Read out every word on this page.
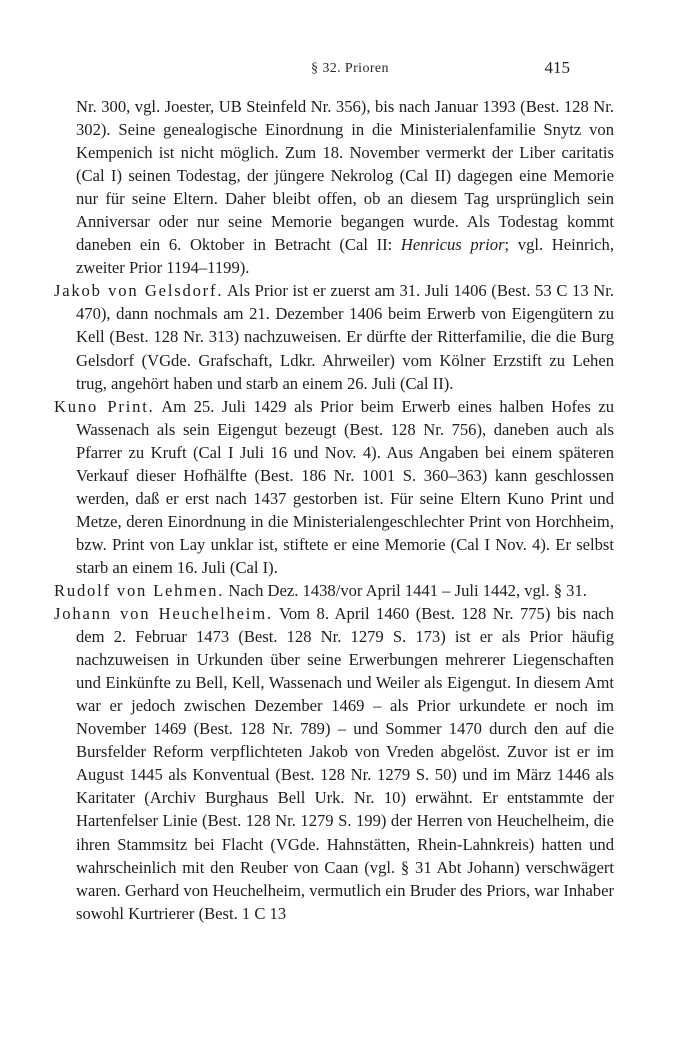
§ 32. Prioren	415

Nr. 300, vgl. Joester, UB Steinfeld Nr. 356), bis nach Januar 1393 (Best. 128 Nr. 302). Seine genealogische Einordnung in die Ministerialenfamilie Snytz von Kempenich ist nicht möglich. Zum 18. November vermerkt der Liber caritatis (Cal I) seinen Todestag, der jüngere Nekrolog (Cal II) dagegen eine Memorie nur für seine Eltern. Daher bleibt offen, ob an diesem Tag ursprünglich sein Anniversar oder nur seine Memorie begangen wurde. Als Todestag kommt daneben ein 6. Oktober in Betracht (Cal II: Henricus prior; vgl. Heinrich, zweiter Prior 1194–1199).

Jakob von Gelsdorf. Als Prior ist er zuerst am 31. Juli 1406 (Best. 53 C 13 Nr. 470), dann nochmals am 21. Dezember 1406 beim Erwerb von Eigengütern zu Kell (Best. 128 Nr. 313) nachzuweisen. Er dürfte der Ritterfamilie, die die Burg Gelsdorf (VGde. Grafschaft, Ldkr. Ahrweiler) vom Kölner Erzstift zu Lehen trug, angehört haben und starb an einem 26. Juli (Cal II).

Kuno Print. Am 25. Juli 1429 als Prior beim Erwerb eines halben Hofes zu Wassenach als sein Eigengut bezeugt (Best. 128 Nr. 756), daneben auch als Pfarrer zu Kruft (Cal I Juli 16 und Nov. 4). Aus Angaben bei einem späteren Verkauf dieser Hofhälfte (Best. 186 Nr. 1001 S. 360–363) kann geschlossen werden, daß er erst nach 1437 gestorben ist. Für seine Eltern Kuno Print und Metze, deren Einordnung in die Ministerialengeschlechter Print von Horchheim, bzw. Print von Lay unklar ist, stiftete er eine Memorie (Cal I Nov. 4). Er selbst starb an einem 16. Juli (Cal I).

Rudolf von Lehmen. Nach Dez. 1438/vor April 1441 – Juli 1442, vgl. § 31.

Johann von Heuchelheim. Vom 8. April 1460 (Best. 128 Nr. 775) bis nach dem 2. Februar 1473 (Best. 128 Nr. 1279 S. 173) ist er als Prior häufig nachzuweisen in Urkunden über seine Erwerbungen mehrerer Liegenschaften und Einkünfte zu Bell, Kell, Wassenach und Weiler als Eigengut. In diesem Amt war er jedoch zwischen Dezember 1469 – als Prior urkundete er noch im November 1469 (Best. 128 Nr. 789) – und Sommer 1470 durch den auf die Bursfelder Reform verpflichteten Jakob von Vreden abgelöst. Zuvor ist er im August 1445 als Konventual (Best. 128 Nr. 1279 S. 50) und im März 1446 als Karitater (Archiv Burghaus Bell Urk. Nr. 10) erwähnt. Er entstammte der Hartenfelser Linie (Best. 128 Nr. 1279 S. 199) der Herren von Heuchelheim, die ihren Stammsitz bei Flacht (VGde. Hahnstätten, Rhein-Lahnkreis) hatten und wahrscheinlich mit den Reuber von Caan (vgl. § 31 Abt Johann) verschwägert waren. Gerhard von Heuchelheim, vermutlich ein Bruder des Priors, war Inhaber sowohl Kurtrierer (Best. 1 C 13
